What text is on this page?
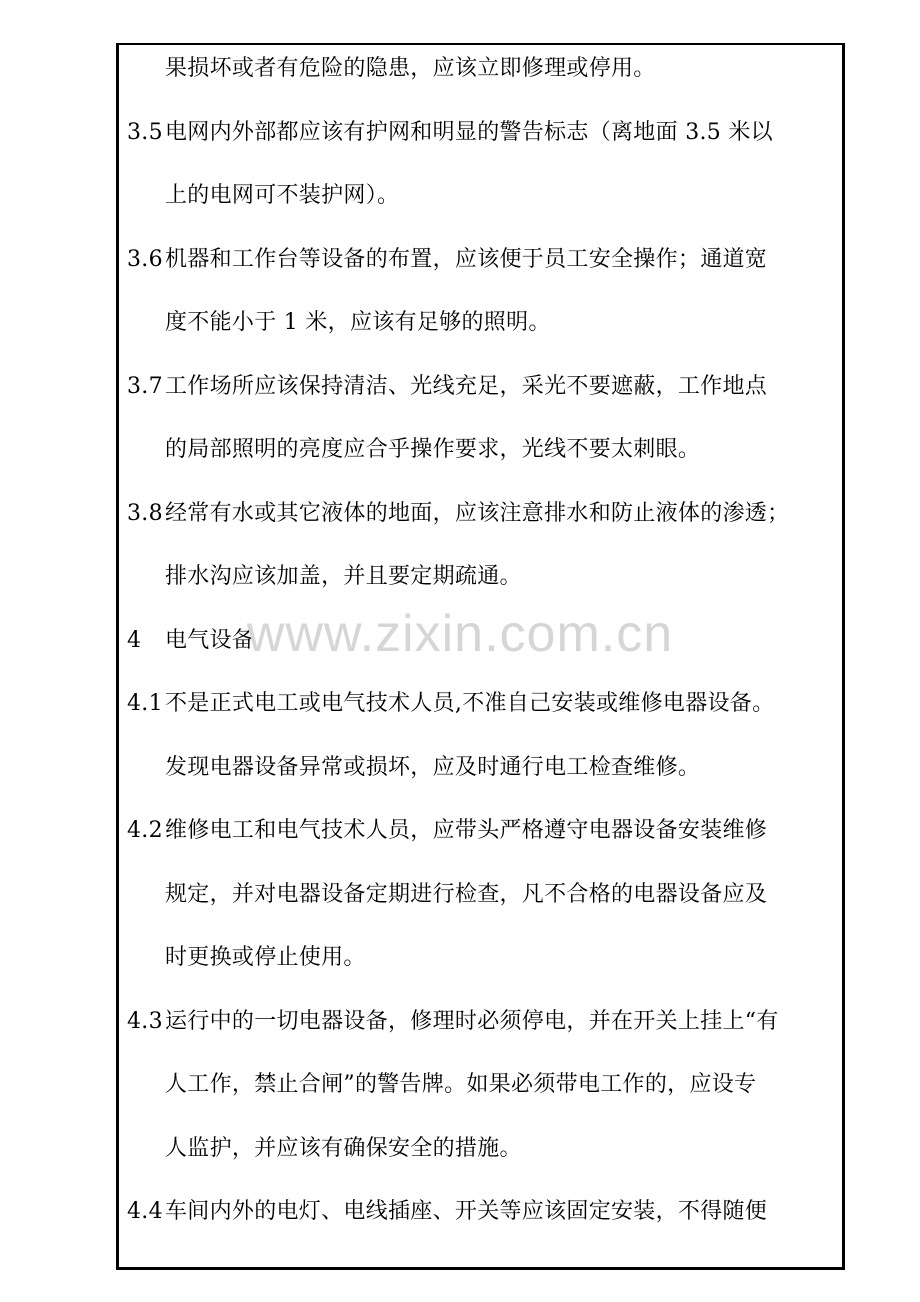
果损坏或者有危险的隐患，应该立即修理或停用。
3.5电网内外部都应该有护网和明显的警告标志（离地面 3.5 米以
上的电网可不装护网）。
3.6机器和工作台等设备的布置，应该便于员工安全操作；通道宽
度不能小于 1 米，应该有足够的照明。
3.7工作场所应该保持清洁、光线充足，采光不要遮蔽，工作地点
的局部照明的亮度应合乎操作要求，光线不要太刺眼。
3.8经常有水或其它液体的地面，应该注意排水和防止液体的渗透；
排水沟应该加盖，并且要定期疏通。
4 电气设备
4.1不是正式电工或电气技术人员,不准自己安装或维修电器设备。
发现电器设备异常或损坏，应及时通行电工检查维修。
4.2维修电工和电气技术人员，应带头严格遵守电器设备安装维修
规定，并对电器设备定期进行检查，凡不合格的电器设备应及
时更换或停止使用。
4.3运行中的一切电器设备，修理时必须停电，并在开关上挂上“有
人工作，禁止合闸”的警告牌。如果必须带电工作的，应设专
人监护，并应该有确保安全的措施。
4.4车间内外的电灯、电线插座、开关等应该固定安装，不得随便
www.zixin.com.cn
